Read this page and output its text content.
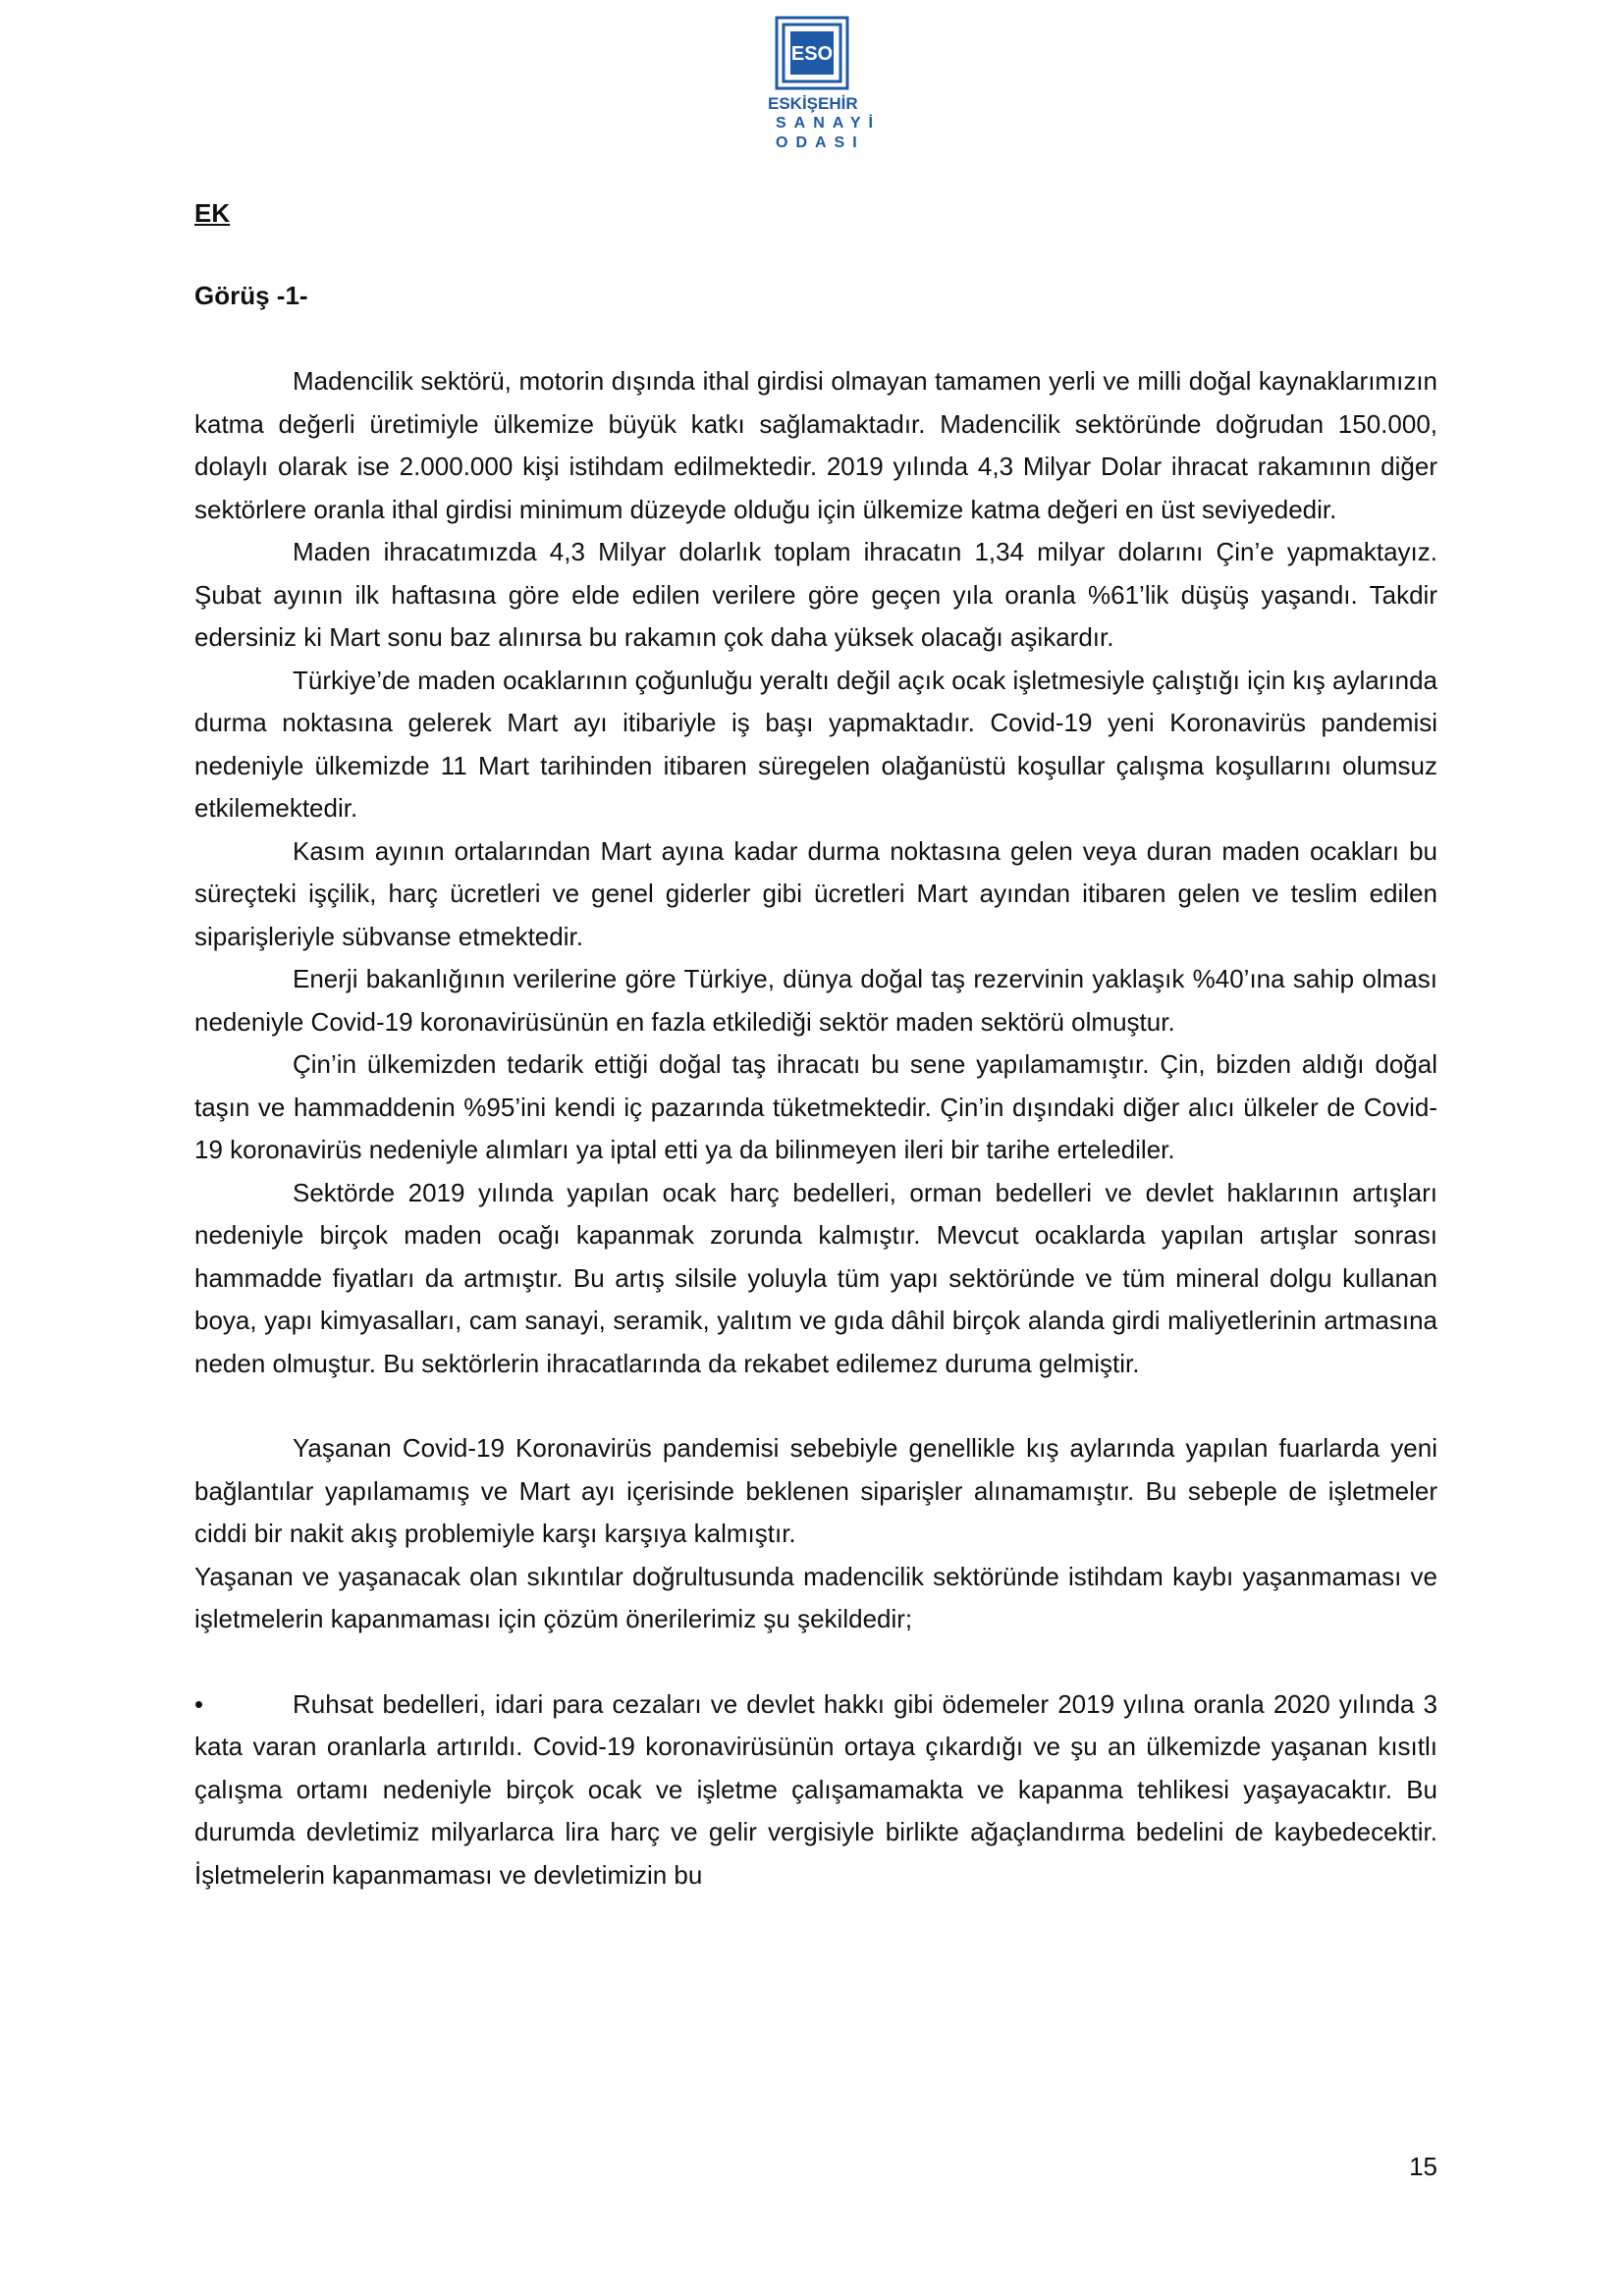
ESO
ESKİŞEHİR
SANAYİ
ODASI
EK
Görüş -1-

Madencilik sektörü, motorin dışında ithal girdisi olmayan tamamen yerli ve milli doğal kaynaklarımızın katma değerli üretimiyle ülkemize büyük katkı sağlamaktadır. Madencilik sektöründe doğrudan 150.000, dolaylı olarak ise 2.000.000 kişi istihdam edilmektedir. 2019 yılında 4,3 Milyar Dolar ihracat rakamının diğer sektörlere oranla ithal girdisi minimum düzeyde olduğu için ülkemize katma değeri en üst seviyededir.

Maden ihracatımızda 4,3 Milyar dolarlık toplam ihracatın 1,34 milyar dolarını Çin’e yapmaktayız. Şubat ayının ilk haftasına göre elde edilen verilere göre geçen yıla oranla %61’lik düşüş yaşandı. Takdir edersiniz ki Mart sonu baz alınırsa bu rakamın çok daha yüksek olacağı aşikardır.

Türkiye’de maden ocaklarının çoğunluğu yeraltı değil açık ocak işletmesiyle çalıştığı için kış aylarında durma noktasına gelerek Mart ayı itibariyle iş başı yapmaktadır. Covid-19 yeni Koronavirüs pandemisi nedeniyle ülkemizde 11 Mart tarihinden itibaren süregelen olağanüstü koşullar çalışma koşullarını olumsuz etkilemektedir.

Kasım ayının ortalarından Mart ayına kadar durma noktasına gelen veya duran maden ocakları bu süreçteki işçilik, harç ücretleri ve genel giderler gibi ücretleri Mart ayından itibaren gelen ve teslim edilen siparişleriyle sübvanse etmektedir.

Enerji bakanlığının verilerine göre Türkiye, dünya doğal taş rezervinin yaklaşık %40’ına sahip olması nedeniyle Covid-19 koronavirüsünün en fazla etkilediği sektör maden sektörü olmuştur.

Çin’in ülkemizden tedarik ettiği doğal taş ihracatı bu sene yapılamamıştır. Çin, bizden aldığı doğal taşın ve hammaddenin %95’ini kendi iç pazarında tüketmektedir. Çin’in dışındaki diğer alıcı ülkeler de Covid-19 koronavirüs nedeniyle alımları ya iptal etti ya da bilinmeyen ileri bir tarihe ertelediler.

Sektörde 2019 yılında yapılan ocak harç bedelleri, orman bedelleri ve devlet haklarının artışları nedeniyle birçok maden ocağı kapanmak zorunda kalmıştır. Mevcut ocaklarda yapılan artışlar sonrası hammadde fiyatları da artmıştır. Bu artış silsile yoluyla tüm yapı sektöründe ve tüm mineral dolgu kullanan boya, yapı kimyasalları, cam sanayi, seramik, yalıtım ve gıda dâhil birçok alanda girdi maliyetlerinin artmasına neden olmuştur. Bu sektörlerin ihracatlarında da rekabet edilemez duruma gelmiştir.

Yaşanan Covid-19 Koronavirüs pandemisi sebebiyle genellikle kış aylarında yapılan fuarlarda yeni bağlantılar yapılamamış ve Mart ayı içerisinde beklenen siparişler alınamamıştır. Bu sebeple de işletmeler ciddi bir nakit akış problemiyle karşı karşıya kalmıştır.

Yaşanan ve yaşanacak olan sıkıntılar doğrultusunda madencilik sektöründe istihdam kaybı yaşanmaması ve işletmelerin kapanmaması için çözüm önerilerimiz şu şekildedir;

•	Ruhsat bedelleri, idari para cezaları ve devlet hakkı gibi ödemeler 2019 yılına oranla 2020 yılında 3 kata varan oranlarla artırıldı. Covid-19 koronavirüsünün ortaya çıkardığı ve şu an ülkemizde yaşanan kısıtlı çalışma ortamı nedeniyle birçok ocak ve işletme çalışamamakta ve kapanma tehlikesi yaşayacaktır. Bu durumda devletimiz milyarlarca lira harç ve gelir vergisiyle birlikte ağaçlandırma bedelini de kaybedecektir. İşletmelerin kapanmaması ve devletimizin bu

15
